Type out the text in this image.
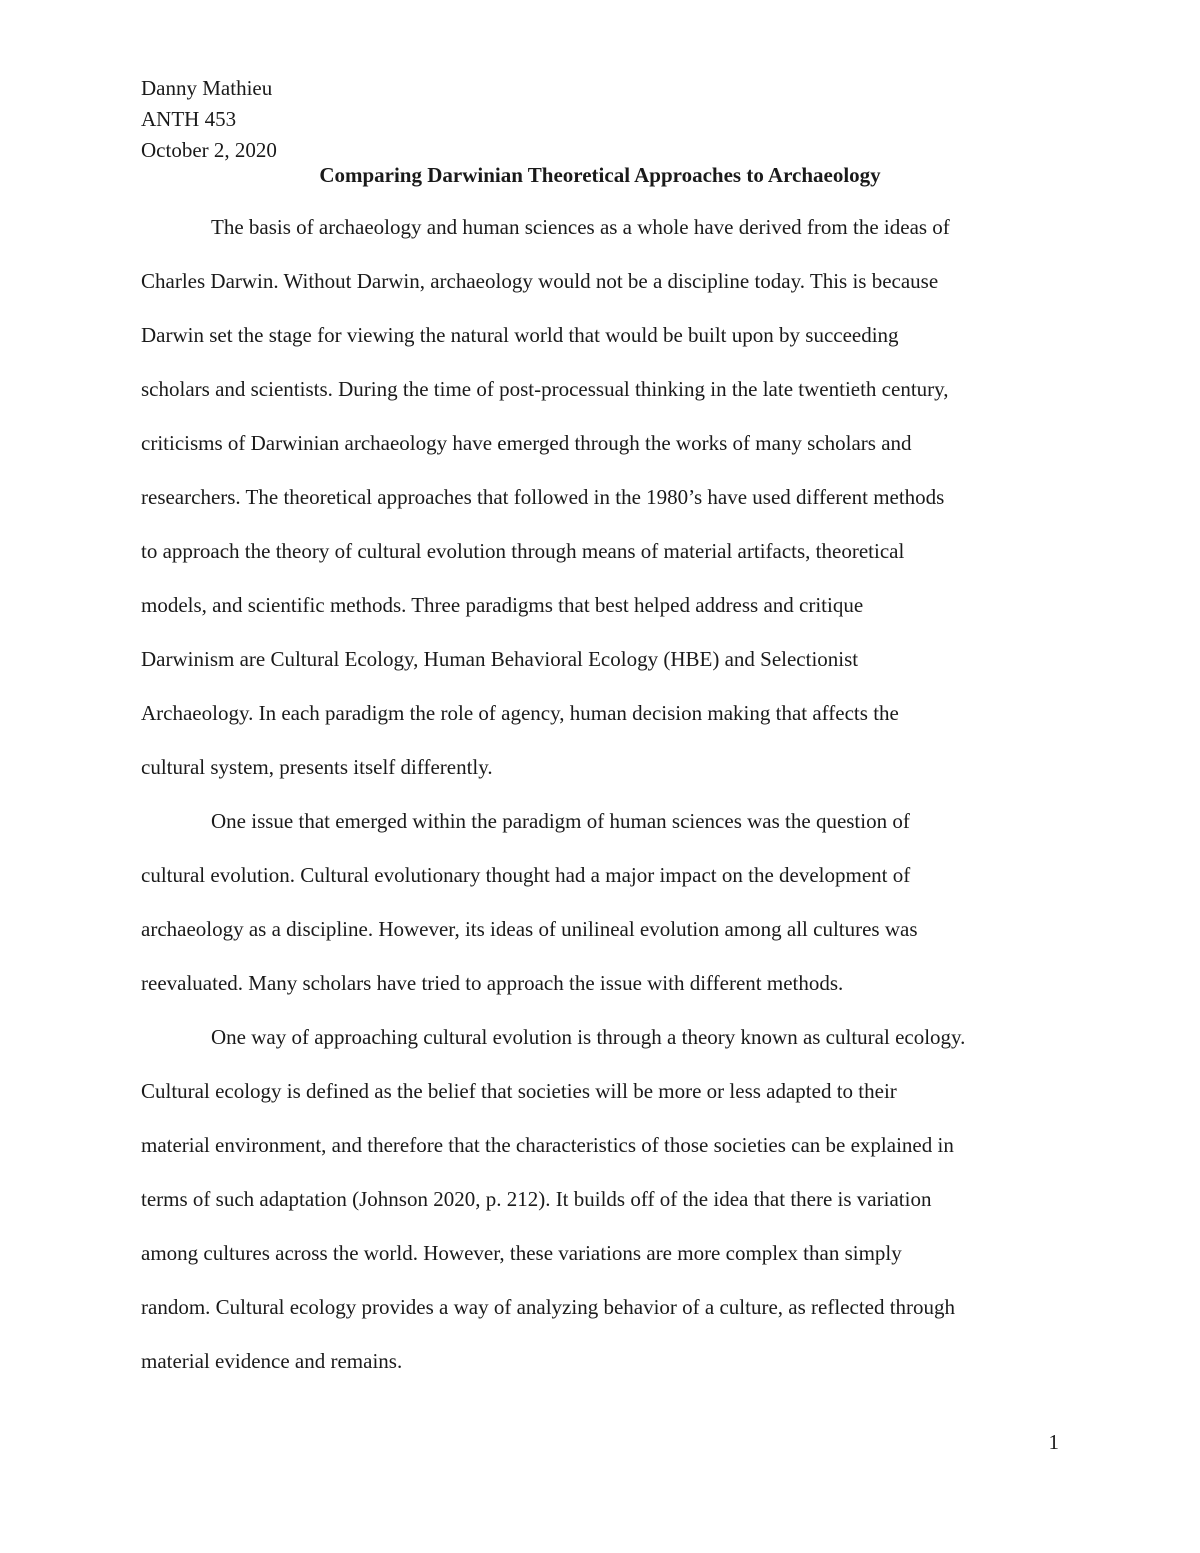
Danny Mathieu
ANTH 453
October 2, 2020
Comparing Darwinian Theoretical Approaches to Archaeology
The basis of archaeology and human sciences as a whole have derived from the ideas of
Charles Darwin. Without Darwin, archaeology would not be a discipline today. This is because
Darwin set the stage for viewing the natural world that would be built upon by succeeding
scholars and scientists. During the time of post-processual thinking in the late twentieth century,
criticisms of Darwinian archaeology have emerged through the works of many scholars and
researchers. The theoretical approaches that followed in the 1980’s have used different methods
to approach the theory of cultural evolution through means of material artifacts, theoretical
models, and scientific methods. Three paradigms that best helped address and critique
Darwinism are Cultural Ecology, Human Behavioral Ecology (HBE) and Selectionist
Archaeology. In each paradigm the role of agency, human decision making that affects the
cultural system, presents itself differently.
One issue that emerged within the paradigm of human sciences was the question of
cultural evolution. Cultural evolutionary thought had a major impact on the development of
archaeology as a discipline. However, its ideas of unilineal evolution among all cultures was
reevaluated. Many scholars have tried to approach the issue with different methods.
One way of approaching cultural evolution is through a theory known as cultural ecology.
Cultural ecology is defined as the belief that societies will be more or less adapted to their
material environment, and therefore that the characteristics of those societies can be explained in
terms of such adaptation (Johnson 2020, p. 212). It builds off of the idea that there is variation
among cultures across the world. However, these variations are more complex than simply
random. Cultural ecology provides a way of analyzing behavior of a culture, as reflected through
material evidence and remains.
1
